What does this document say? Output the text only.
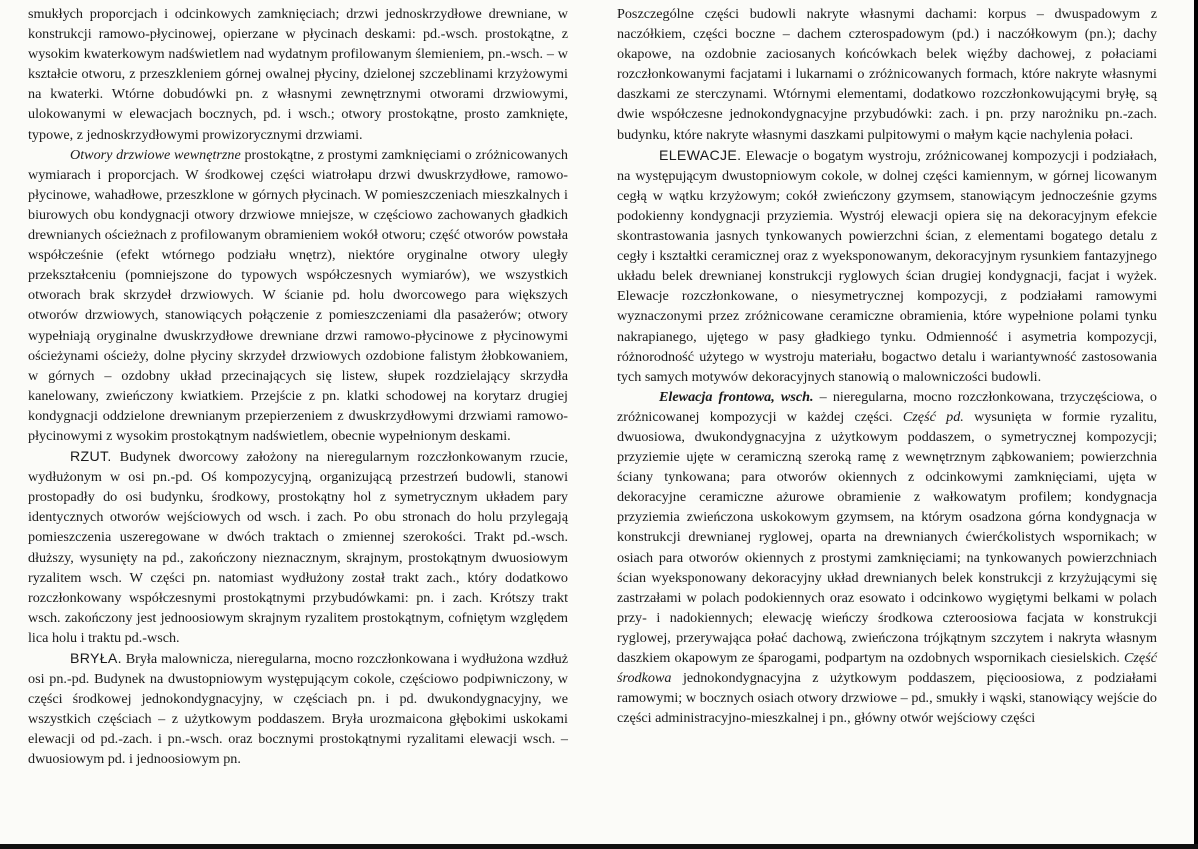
smukłych proporcjach i odcinkowych zamknięciach; drzwi jednoskrzydłowe drewniane, w konstrukcji ramowo-płycinowej, opierzane w płycinach deskami: pd.-wsch. prostokątne, z wysokim kwaterkowym nadświetlem nad wydatnym profilowanym ślemieniem, pn.-wsch. – w kształcie otworu, z przeszkleniem górnej owalnej płyciny, dzielonej szczeblinami krzyżowymi na kwaterki. Wtórne dobudówki pn. z własnymi zewnętrznymi otworami drzwiowymi, ulokowanymi w elewacjach bocznych, pd. i wsch.; otwory prostokątne, prosto zamknięte, typowe, z jednoskrzydłowymi prowizorycznymi drzwiami.

Otwory drzwiowe wewnętrzne prostokątne, z prostymi zamknięciami o zróżnicowanych wymiarach i proporcjach. W środkowej części wiatrołapu drzwi dwuskrzydłowe, ramowo-płycinowe, wahadłowe, przeszklone w górnych płycinach. W pomieszczeniach mieszkalnych i biurowych obu kondygnacji otwory drzwiowe mniejsze, w częściowo zachowanych gładkich drewnianych ościeżnach z profilowanym obramieniem wokół otworu; część otworów powstała współcześnie (efekt wtórnego podziału wnętrz), niektóre oryginalne otwory uległy przekształceniu (pomniejszone do typowych współczesnych wymiarów), we wszystkich otworach brak skrzydeł drzwiowych. W ścianie pd. holu dworcowego para większych otworów drzwiowych, stanowiących połączenie z pomieszczeniami dla pasażerów; otwory wypełniają oryginalne dwuskrzydłowe drewniane drzwi ramowo-płycinowe z płycinowymi ościeżynami ościeży, dolne płyciny skrzydeł drzwiowych ozdobione falistym żłobkowaniem, w górnych – ozdobny układ przecinających się listew, słupek rozdzielający skrzydła kanelowany, zwieńczony kwiatkiem. Przejście z pn. klatki schodowej na korytarz drugiej kondygnacji oddzielone drewnianym przepierzeniem z dwuskrzydłowymi drzwiami ramowo-płycinowymi z wysokim prostokątnym nadświetlem, obecnie wypełnionym deskami.

RZUT. Budynek dworcowy założony na nieregularnym rozczłonkowanym rzucie, wydłużonym w osi pn.-pd. Oś kompozycyjną, organizującą przestrzeń budowli, stanowi prostopadły do osi budynku, środkowy, prostokątny hol z symetrycznym układem pary identycznych otworów wejściowych od wsch. i zach. Po obu stronach do holu przylegają pomieszczenia uszeregowane w dwóch traktach o zmiennej szerokości. Trakt pd.-wsch. dłuższy, wysunięty na pd., zakończony nieznacznym, skrajnym, prostokątnym dwuosiowym ryzalitem wsch. W części pn. natomiast wydłużony został trakt zach., który dodatkowo rozczłonkowany współczesnymi prostokątnymi przybudówkami: pn. i zach. Krótszy trakt wsch. zakończony jest jednoosiowym skrajnym ryzalitem prostokątnym, cofniętym względem lica holu i traktu pd.-wsch.

BRYŁA. Bryła malownicza, nieregularna, mocno rozczłonkowana i wydłużona wzdłuż osi pn.-pd. Budynek na dwustopniowym występującym cokole, częściowo podpiwniczony, w części środkowej jednokondygnacyjny, w częściach pn. i pd. dwukondygnacyjny, we wszystkich częściach – z użytkowym poddaszem. Bryła urozmaicona głębokimi uskokami elewacji od pd.-zach. i pn.-wsch. oraz bocznymi prostokątnymi ryzalitami elewacji wsch. – dwuosiowym pd. i jednoosiowym pn.

Poszczególne części budowli nakryte własnymi dachami: korpus – dwuspadowym z naczółkiem, części boczne – dachem czterospadowym (pd.) i naczółkowym (pn.); dachy okapowe, na ozdobnie zaciosanych końcówkach belek więźby dachowej, z połaciami rozczłonkowanymi facjatami i lukarnami o zróżnicowanych formach, które nakryte własnymi daszkami ze sterczynami. Wtórnymi elementami, dodatkowo rozczłonkowującymi bryłę, są dwie współczesne jednokondygnacyjne przybudówki: zach. i pn. przy narożniku pn.-zach. budynku, które nakryte własnymi daszkami pulpitowymi o małym kącie nachylenia połaci.

ELEWACJE. Elewacje o bogatym wystroju, zróżnicowanej kompozycji i podziałach, na występującym dwustopniowym cokole, w dolnej części kamiennym, w górnej licowanym cegłą w wątku krzyżowym; cokół zwieńczony gzymsem, stanowiącym jednocześnie gzyms podokienny kondygnacji przyziemia. Wystrój elewacji opiera się na dekoracyjnym efekcie skontrastowania jasnych tynkowanych powierzchni ścian, z elementami bogatego detalu z cegły i kształtki ceramicznej oraz z wyeksponowanym, dekoracyjnym rysunkiem fantazyjnego układu belek drewnianej konstrukcji ryglowych ścian drugiej kondygnacji, facjat i wyżek. Elewacje rozczłonkowane, o niesymetrycznej kompozycji, z podziałami ramowymi wyznaczonymi przez zróżnicowane ceramiczne obramienia, które wypełnione polami tynku nakrapianego, ujętego w pasy gładkiego tynku. Odmienność i asymetria kompozycji, różnorodność użytego w wystroju materiału, bogactwo detalu i wariantywność zastosowania tych samych motywów dekoracyjnych stanowią o malowniczości budowli.

Elewacja frontowa, wsch. – nieregularna, mocno rozczłonkowana, trzyczęściowa, o zróżnicowanej kompozycji w każdej części. Część pd. wysunięta w formie ryzalitu, dwuosiowa, dwukondygnacyjna z użytkowym poddaszem, o symetrycznej kompozycji; przyziemie ujęte w ceramiczną szeroką ramę z wewnętrznym ząbkowaniem; powierzchnia ściany tynkowana; para otworów okiennych z odcinkowymi zamknięciami, ujęta w dekoracyjne ceramiczne ażurowe obramienie z wałkowatym profilem; kondygnacja przyziemia zwieńczona uskokowym gzymsem, na którym osadzona górna kondygnacja w konstrukcji drewnianej ryglowej, oparta na drewnianych ćwierćkolistych wspornikach; w osiach para otworów okiennych z prostymi zamknięciami; na tynkowanych powierzchniach ścian wyeksponowany dekoracyjny układ drewnianych belek konstrukcji z krzyżującymi się zastrzałami w polach podokiennych oraz esowato i odcinkowo wygiętymi belkami w polach przy- i nadokiennych; elewację wieńczy środkowa czteroosiowa facjata w konstrukcji ryglowej, przerywająca połać dachową, zwieńczona trójkątnym szczytem i nakryta własnym daszkiem okapowym ze śparogami, podpartym na ozdobnych wspornikach ciesielskich. Część środkowa jednokondygnacyjna z użytkowym poddaszem, pięcioosiowa, z podziałami ramowymi; w bocznych osiach otwory drzwiowe – pd., smukły i wąski, stanowiący wejście do części administracyjno-mieszkalnej i pn., główny otwór wejściowy części
